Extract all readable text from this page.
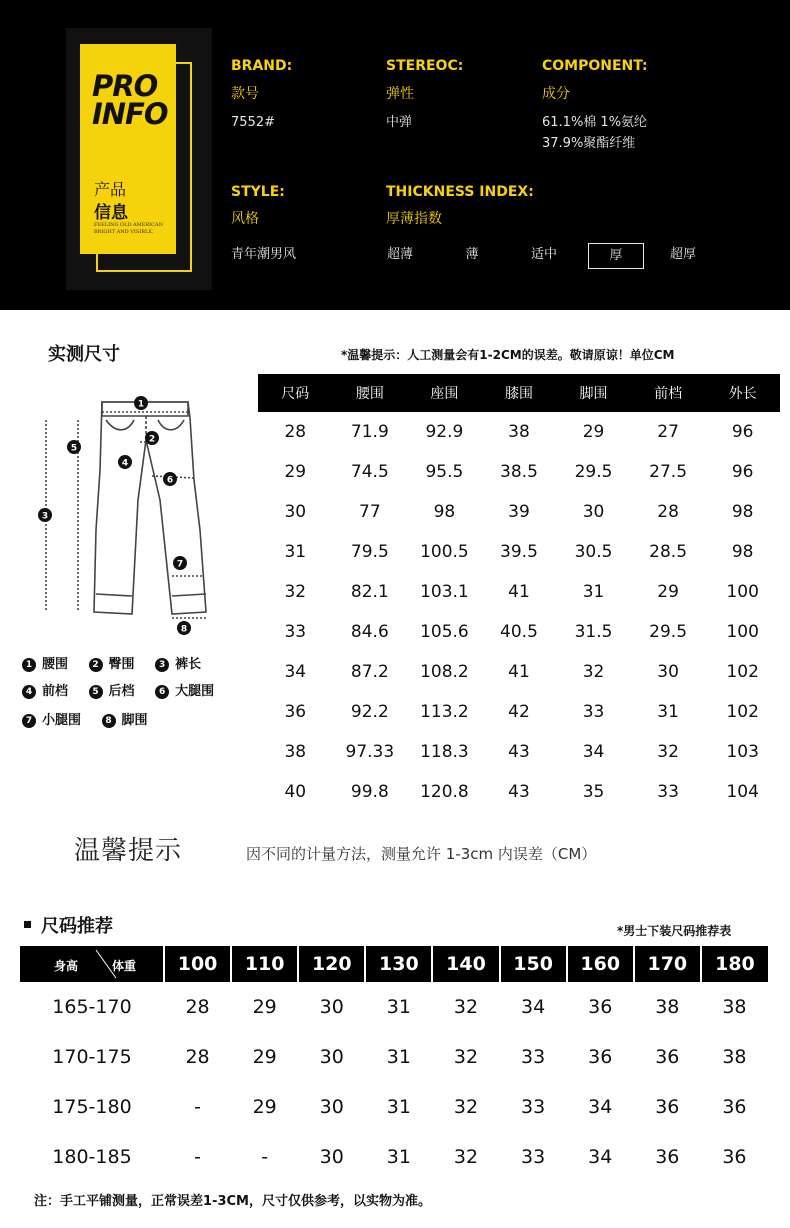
PRO
INFO
产品
信息
FEELING OLD AMERICAN
BRIGHT AND VISIBLE.
BRAND:
款号
7552#
STEREOC:
弹性
中弹
COMPONENT:
成分
61.1%棉 1%氨纶
37.9%聚酯纤维
STYLE:
风格
青年潮男风
THICKNESS INDEX:
厚薄指数
超薄	薄	适中	厚	超厚
实测尺寸	*温馨提示：人工测量会有1-2CM的误差。敬请原谅！单位CM
1
2
3
4
5
6
7
8
1 腰围	2 臀围	3 裤长
4 前档	5 后档	6 大腿围
7 小腿围	8 脚围
尺码	腰围	座围	膝围	脚围	前档	外长
28	71.9	92.9	38	29	27	96
29	74.5	95.5	38.5	29.5	27.5	96
30	77	98	39	30	28	98
31	79.5	100.5	39.5	30.5	28.5	98
32	82.1	103.1	41	31	29	100
33	84.6	105.6	40.5	31.5	29.5	100
34	87.2	108.2	41	32	30	102
36	92.2	113.2	42	33	31	102
38	97.33	118.3	43	34	32	103
40	99.8	120.8	43	35	33	104
温馨提示	因不同的计量方法，测量允许 1-3cm 内误差（CM）
尺码推荐	*男士下装尺码推荐表
身高 体重	100	110	120	130	140	150	160	170	180
165-170	28	29	30	31	32	34	36	38	38
170-175	28	29	30	31	32	33	36	36	38
175-180	-	29	30	31	32	33	34	36	36
180-185	-	-	30	31	32	33	34	36	36
注：手工平铺测量，正常误差1-3CM，尺寸仅供参考，以实物为准。
